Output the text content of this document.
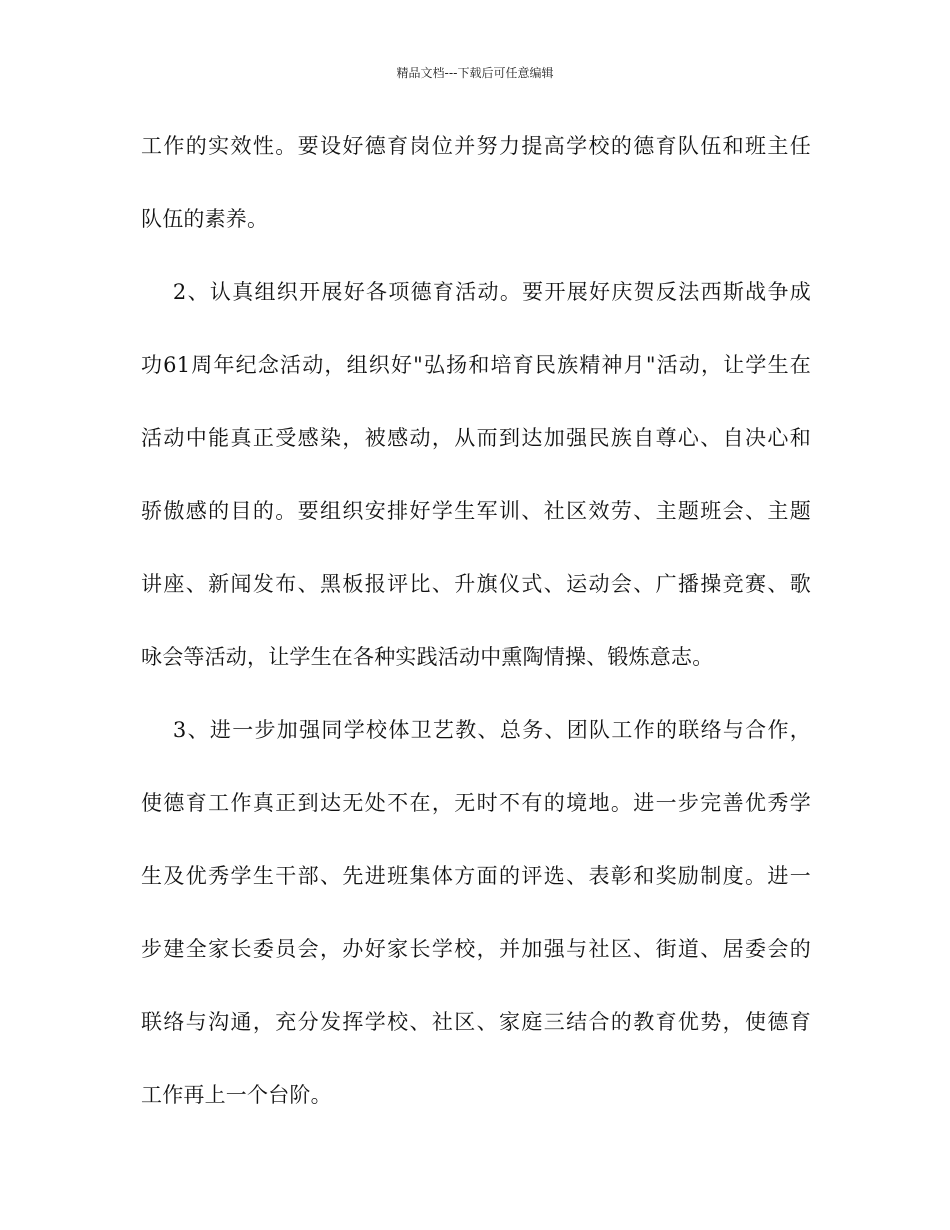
精品文档---下载后可任意编辑
工作的实效性。要设好德育岗位并努力提高学校的德育队伍和班主任
队伍的素养。
2、认真组织开展好各项德育活动。要开展好庆贺反法西斯战争成
功61周年纪念活动，组织好"弘扬和培育民族精神月"活动，让学生在
活动中能真正受感染，被感动，从而到达加强民族自尊心、自决心和
骄傲感的目的。要组织安排好学生军训、社区效劳、主题班会、主题
讲座、新闻发布、黑板报评比、升旗仪式、运动会、广播操竞赛、歌
咏会等活动，让学生在各种实践活动中熏陶情操、锻炼意志。
3、进一步加强同学校体卫艺教、总务、团队工作的联络与合作，
使德育工作真正到达无处不在，无时不有的境地。进一步完善优秀学
生及优秀学生干部、先进班集体方面的评选、表彰和奖励制度。进一
步建全家长委员会，办好家长学校，并加强与社区、街道、居委会的
联络与沟通，充分发挥学校、社区、家庭三结合的教育优势，使德育
工作再上一个台阶。
